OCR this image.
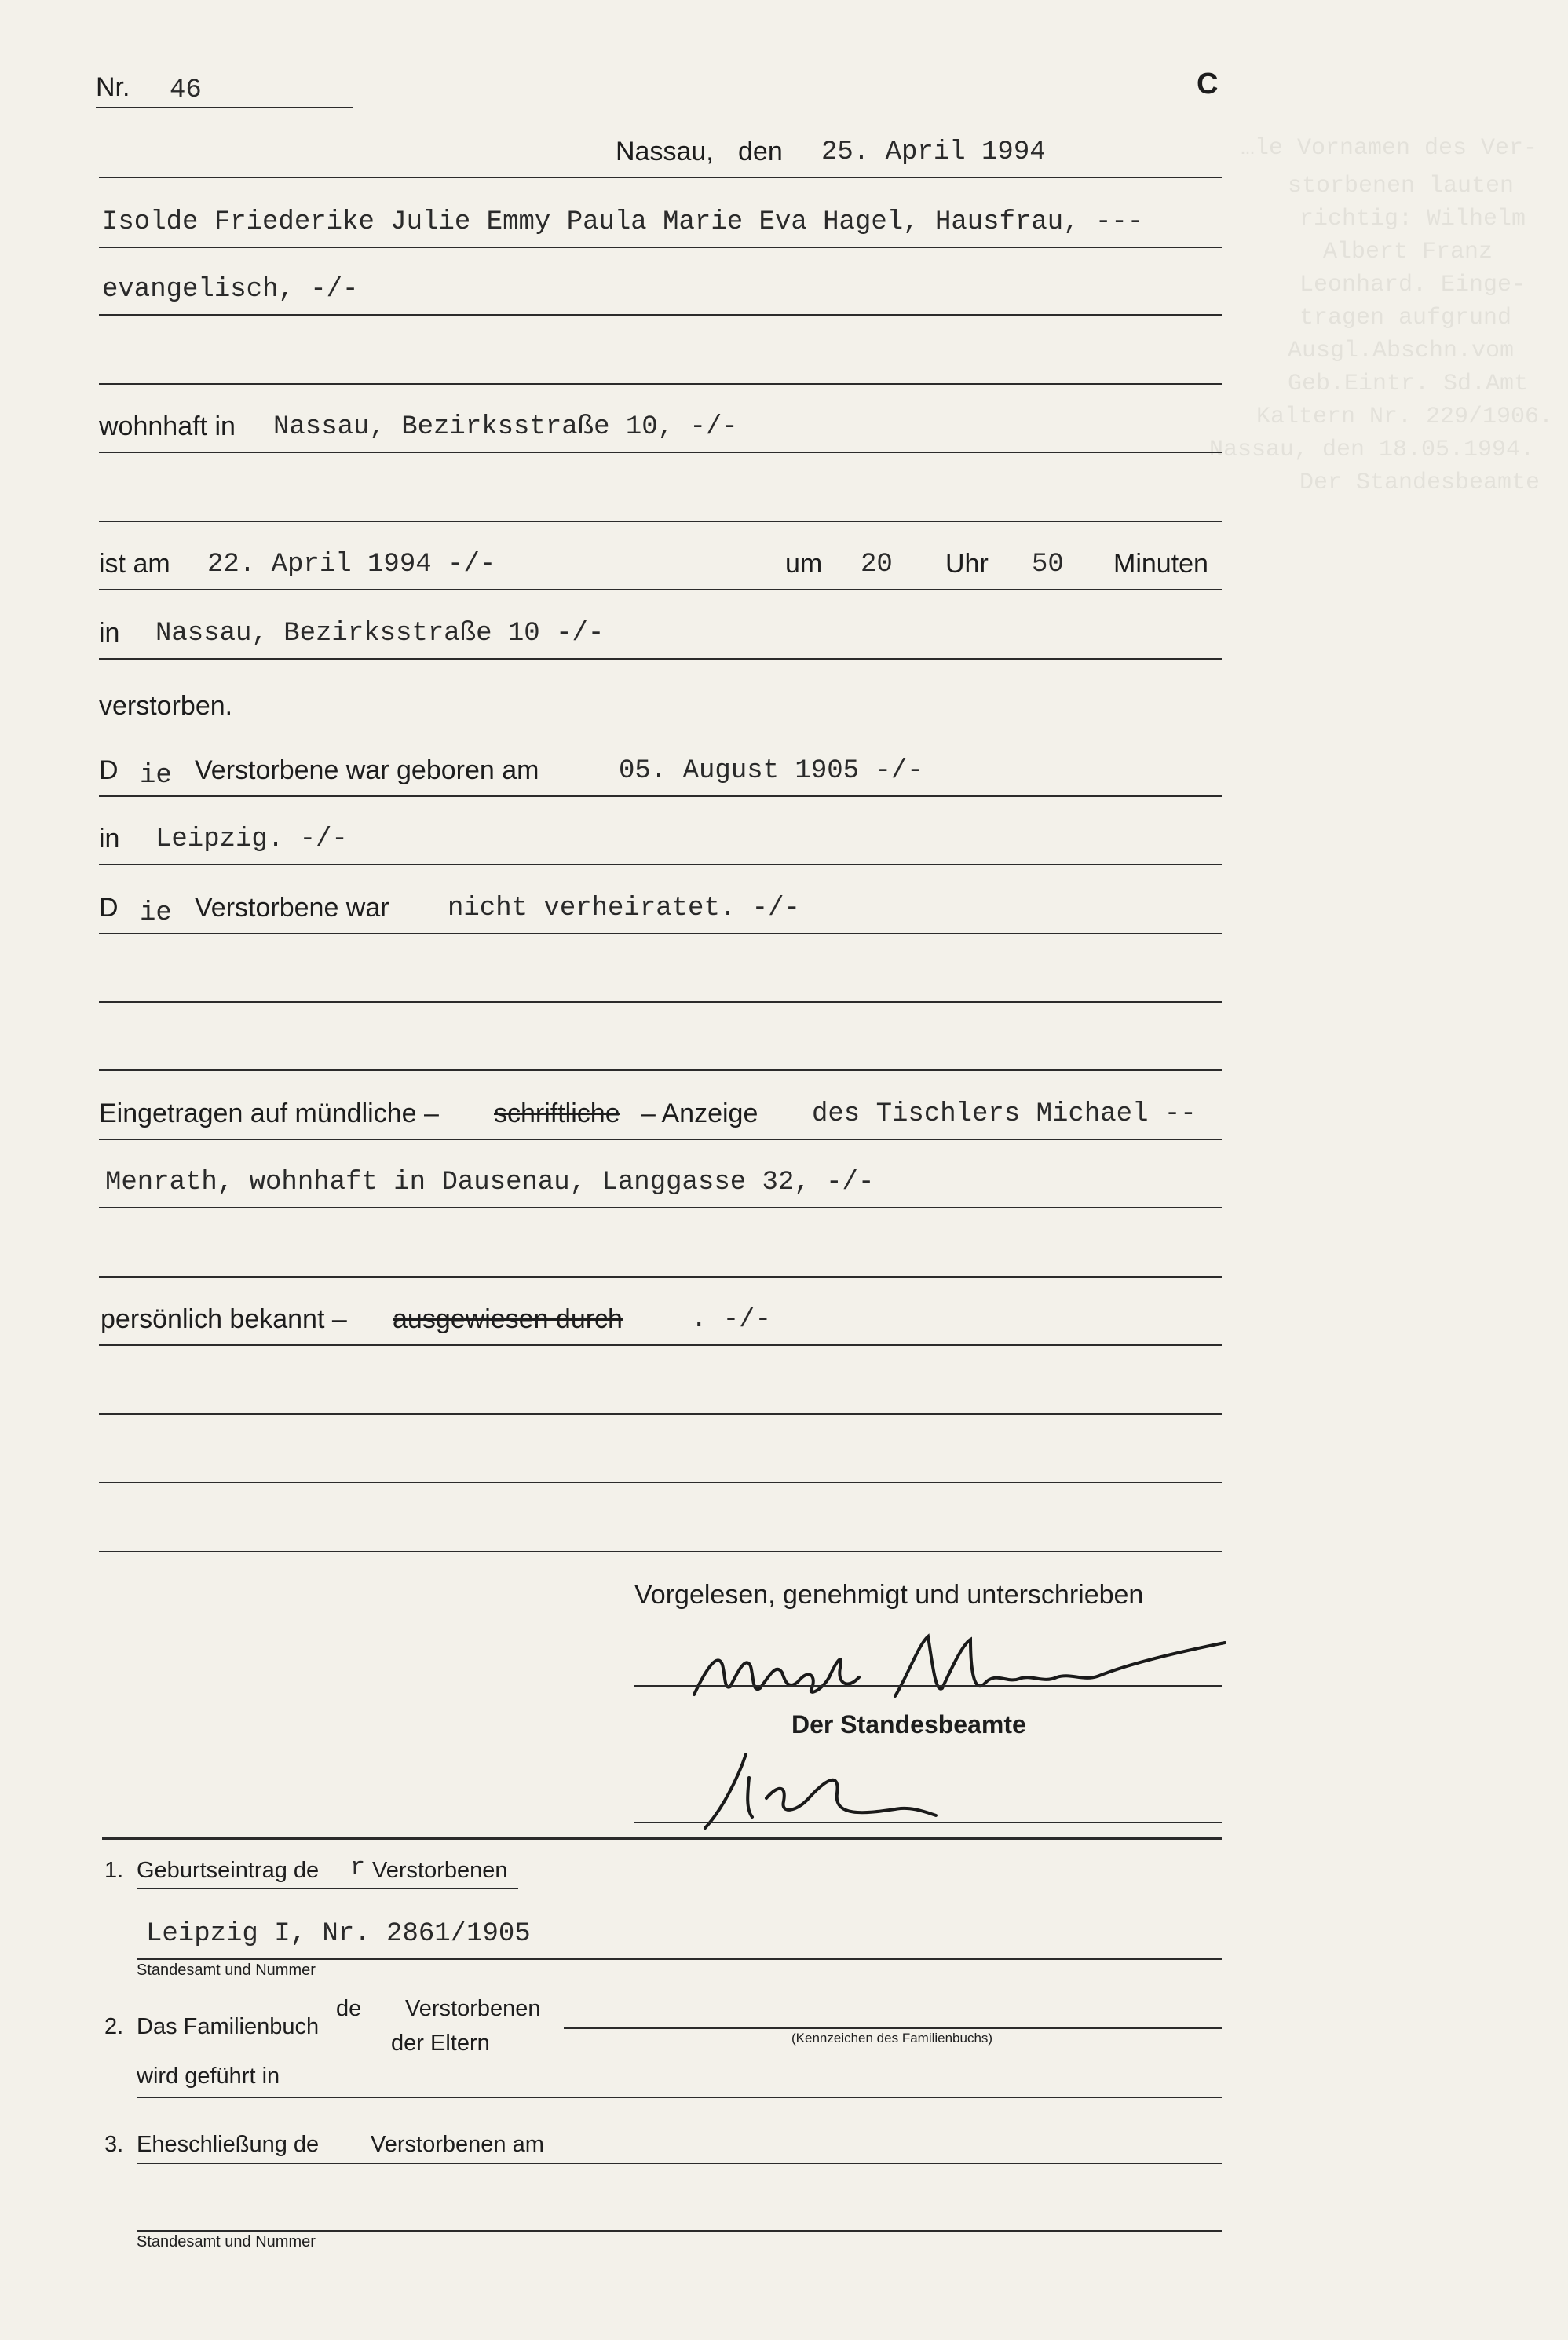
…le Vornamen des Ver-
storbenen lauten
richtig: Wilhelm
Albert Franz
Leonhard. Einge-
tragen aufgrund
Ausgl.Abschn.vom
Geb.Eintr. Sd.Amt
Kaltern Nr. 229/1906.
Nassau, den 18.05.1994.
Der Standesbeamte
Nr. 46	C
Nassau, den 25. April 1994
Isolde Friederike Julie Emmy Paula Marie Eva Hagel, Hausfrau, ---
evangelisch, -/-
wohnhaft in Nassau, Bezirksstraße 10, -/-
ist am 22. April 1994 -/-	um 20 Uhr 50 Minuten
in Nassau, Bezirksstraße 10 -/-
verstorben.
D ie Verstorbene war geboren am	05. August 1905 -/-
in Leipzig. -/-
D ie Verstorbene war nicht verheiratet. -/-
Eingetragen auf mündliche – schriftliche – Anzeige des Tischlers Michael --
Menrath, wohnhaft in Dausenau, Langgasse 32, -/-
persönlich bekannt – ausgewiesen durch	. -/-
Vorgelesen, genehmigt und unterschrieben
Der Standesbeamte
1. Geburtseintrag de r Verstorbenen
Leipzig I, Nr. 2861/1905
Standesamt und Nummer
2. Das Familienbuch
de Verstorbenen
der Eltern	(Kennzeichen des Familienbuchs)
wird geführt in
3. Eheschließung de Verstorbenen am
Standesamt und Nummer
